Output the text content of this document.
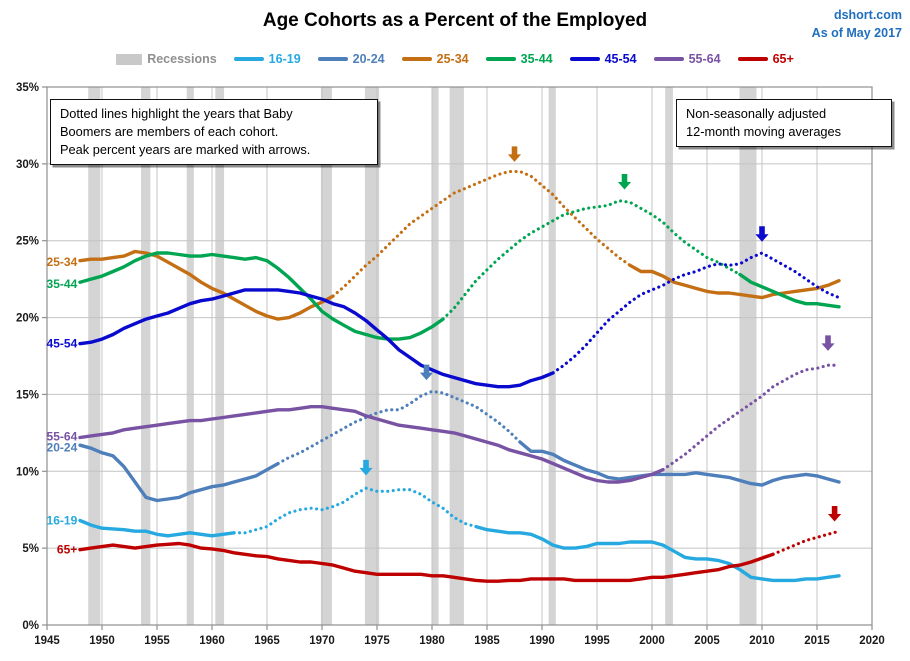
dshort.com
As of May 2017
Age Cohorts as a Percent of the Employed
Recessions	16-19	20-24	25-34	35-44	45-54	55-64	65+
1945	1950	1955	1960	1965	1970	1975	1980	1985	1990	1995	2000	2005	2010	2015	2020
0%
5%
10%
15%
20%
25%
30%
35%
16-19
20-24
25-34
35-44
45-54
55-64
65+
Dotted lines highlight the years that Baby
Boomers are members of each cohort.
Peak percent years are marked with arrows.
Non-seasonally adjusted
12-month moving averages
